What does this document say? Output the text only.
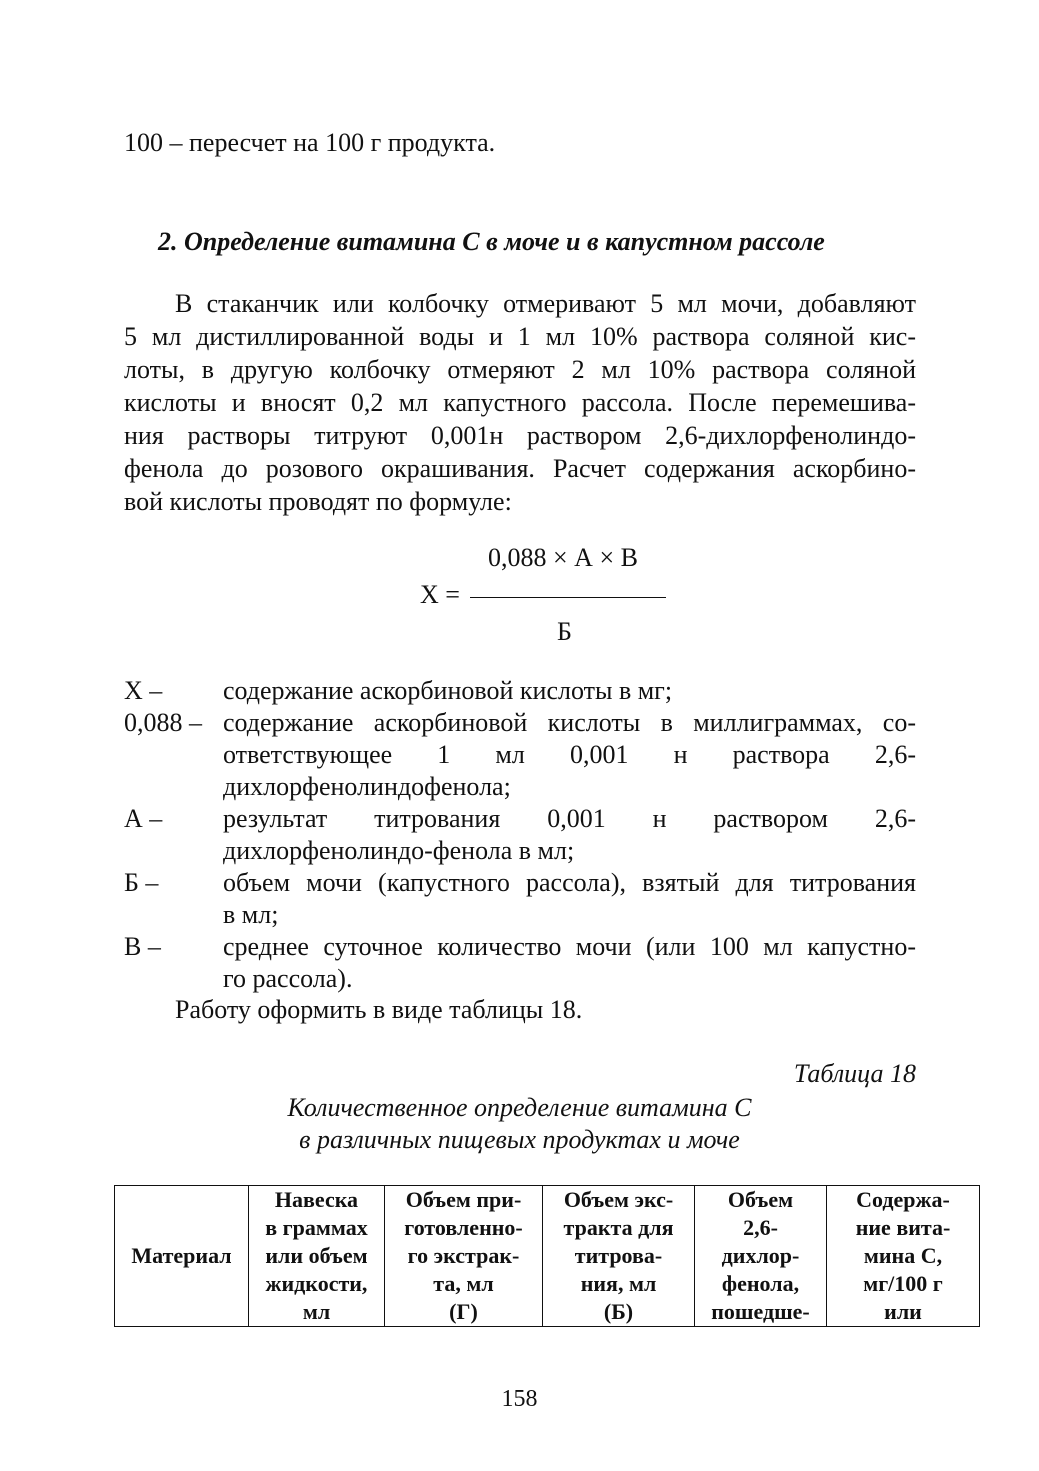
100 – пересчет на 100 г продукта.
2. Определение витамина С в моче и в капустном рассоле
В стаканчик или колбочку отмеривают 5 мл мочи, добавляют
5 мл дистиллированной воды и 1 мл 10% раствора соляной кис-
лоты, в другую колбочку отмеряют 2 мл 10% раствора соляной
кислоты и вносят 0,2 мл капустного рассола. После перемешива-
ния растворы титруют 0,001н раствором 2,6-дихлорфенолиндо-
фенола до розового окрашивания. Расчет содержания аскорбино-
вой кислоты проводят по формуле:
0,088 × А × В
Х =
Б
Х – содержание аскорбиновой кислоты в мг;
0,088 – содержание аскорбиновой кислоты в миллиграммах, со-
ответствующее 1 мл 0,001 н раствора 2,6-
дихлорфенолиндофенола;
А – результат титрования 0,001 н раствором 2,6-
дихлорфенолиндо-фенола в мл;
Б – объем мочи (капустного рассола), взятый для титрования
в мл;
В – среднее суточное количество мочи (или 100 мл капустно-
го рассола).
Работу оформить в виде таблицы 18.
Таблица 18
Количественное определение витамина С
в различных пищевых продуктах и моче
Материал

Навеска
в граммах
или объем
жидкости,
мл

Объем при-
готовленно-
го экстрак-
та, мл
(Г)

Объем экс-
тракта для
титрова-
ния, мл
(Б)

Объем
2,6-
дихлор-
фенола,
пошедше-

Содержа-
ние вита-
мина С,
мг/100 г
или
158
